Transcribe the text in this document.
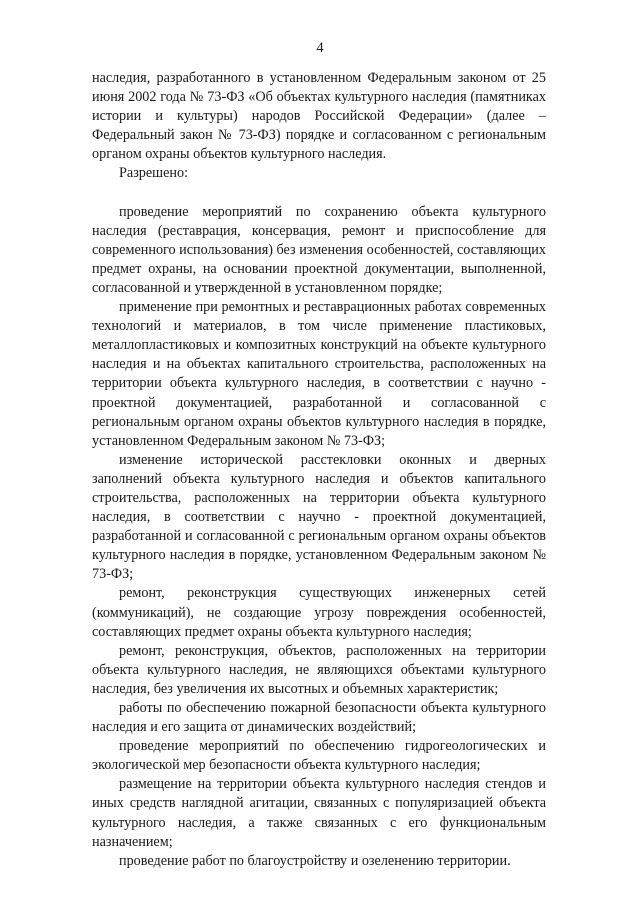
4

наследия, разработанного в установленном Федеральным законом от 25 июня 2002 года № 73-ФЗ «Об объектах культурного наследия (памятниках истории и культуры) народов Российской Федерации» (далее – Федеральный закон № 73-ФЗ) порядке и согласованном с региональным органом охраны объектов культурного наследия.

Разрешено:

проведение мероприятий по сохранению объекта культурного наследия (реставрация, консервация, ремонт и приспособление для современного использования) без изменения особенностей, составляющих предмет охраны, на основании проектной документации, выполненной, согласованной и утвержденной в установленном порядке;

применение при ремонтных и реставрационных работах современных технологий и материалов, в том числе применение пластиковых, металлопластиковых и композитных конструкций на объекте культурного наследия и на объектах капитального строительства, расположенных на территории объекта культурного наследия, в соответствии с научно - проектной документацией, разработанной и согласованной с региональным органом охраны объектов культурного наследия в порядке, установленном Федеральным законом № 73-ФЗ;

изменение исторической расстекловки оконных и дверных заполнений объекта культурного наследия и объектов капитального строительства, расположенных на территории объекта культурного наследия, в соответствии с научно - проектной документацией, разработанной и согласованной с региональным органом охраны объектов культурного наследия в порядке, установленном Федеральным законом № 73-ФЗ;

ремонт, реконструкция существующих инженерных сетей (коммуникаций), не создающие угрозу повреждения особенностей, составляющих предмет охраны объекта культурного наследия;

ремонт, реконструкция, объектов, расположенных на территории объекта культурного наследия, не являющихся объектами культурного наследия, без увеличения их высотных и объемных характеристик;

работы по обеспечению пожарной безопасности объекта культурного наследия и его защита от динамических воздействий;

проведение мероприятий по обеспечению гидрогеологических и экологической мер безопасности объекта культурного наследия;

размещение на территории объекта культурного наследия стендов и иных средств наглядной агитации, связанных с популяризацией объекта культурного наследия, а также связанных с его функциональным назначением;

проведение работ по благоустройству и озеленению территории.
